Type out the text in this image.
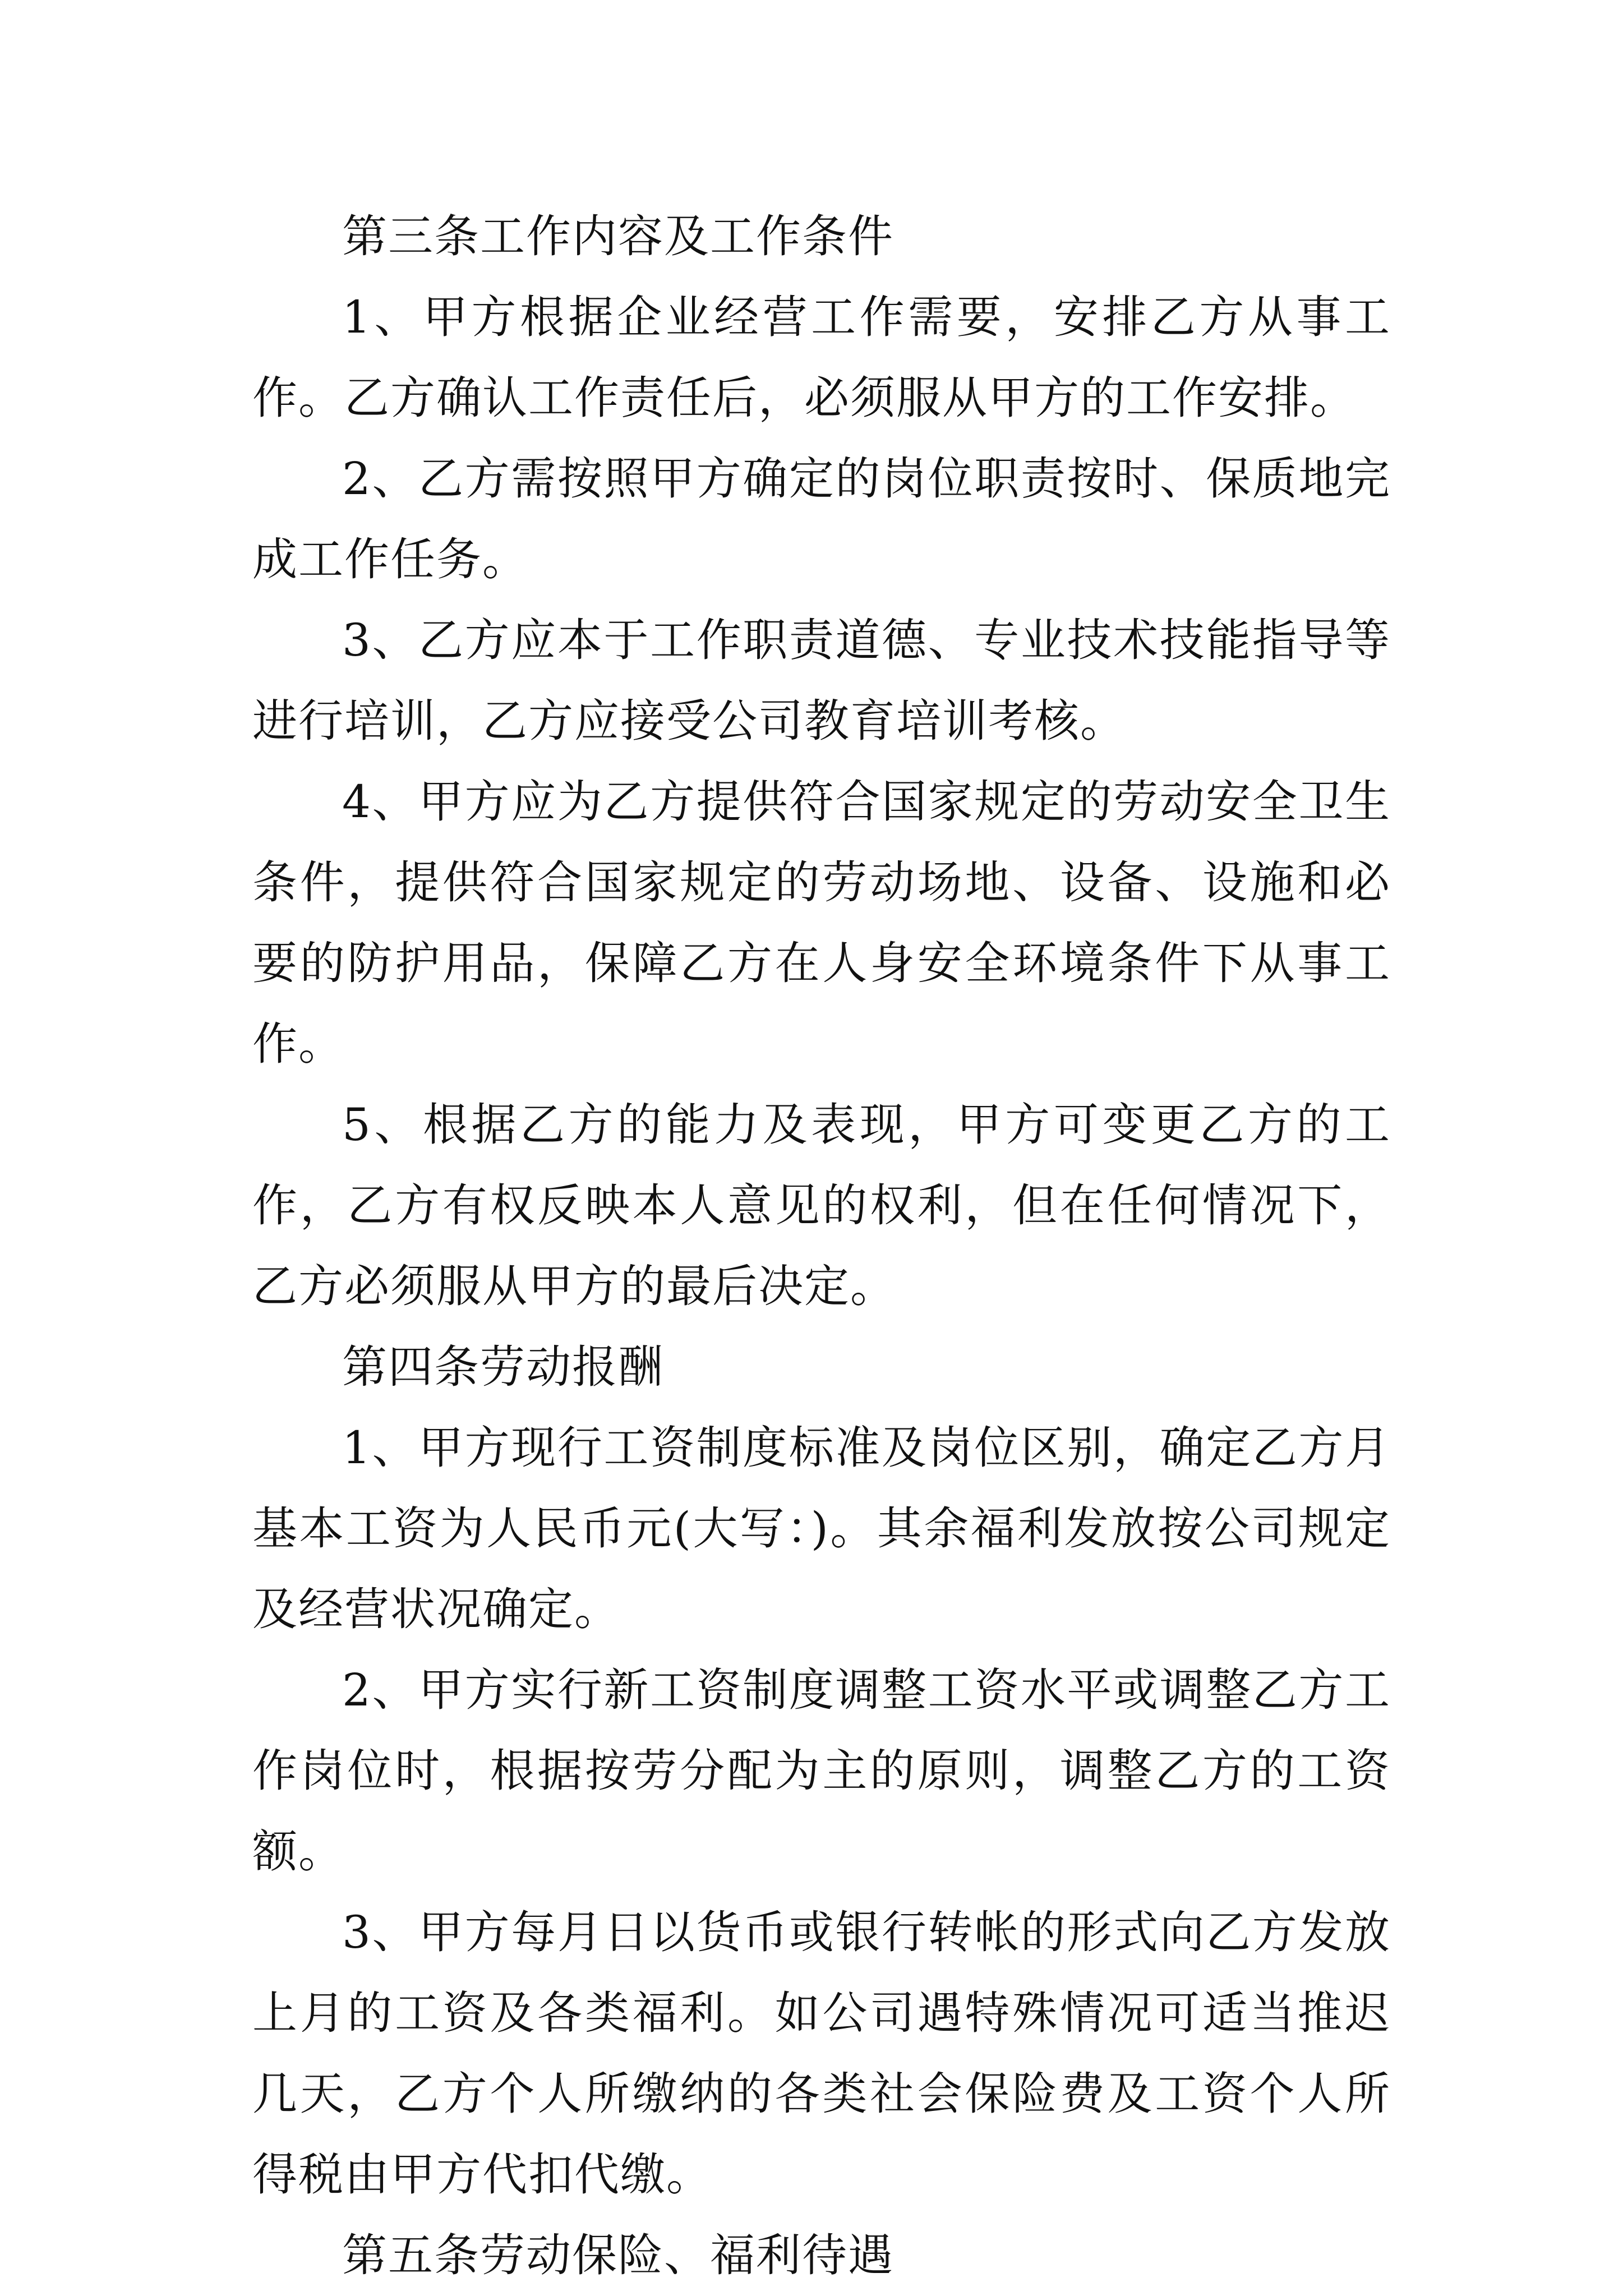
第三条工作内容及工作条件

1、甲方根据企业经营工作需要，安排乙方从事工作。乙方确认工作责任后，必须服从甲方的工作安排。

2、乙方需按照甲方确定的岗位职责按时、保质地完成工作任务。

3、乙方应本于工作职责道德、专业技术技能指导等进行培训，乙方应接受公司教育培训考核。

4、甲方应为乙方提供符合国家规定的劳动安全卫生条件，提供符合国家规定的劳动场地、设备、设施和必要的防护用品，保障乙方在人身安全环境条件下从事工作。

5、根据乙方的能力及表现，甲方可变更乙方的工作，乙方有权反映本人意见的权利，但在任何情况下，乙方必须服从甲方的最后决定。

第四条劳动报酬

1、甲方现行工资制度标准及岗位区别，确定乙方月基本工资为人民币元(大写：)。其余福利发放按公司规定及经营状况确定。

2、甲方实行新工资制度调整工资水平或调整乙方工作岗位时，根据按劳分配为主的原则，调整乙方的工资额。

3、甲方每月日以货币或银行转帐的形式向乙方发放上月的工资及各类福利。如公司遇特殊情况可适当推迟几天，乙方个人所缴纳的各类社会保险费及工资个人所得税由甲方代扣代缴。

第五条劳动保险、福利待遇
